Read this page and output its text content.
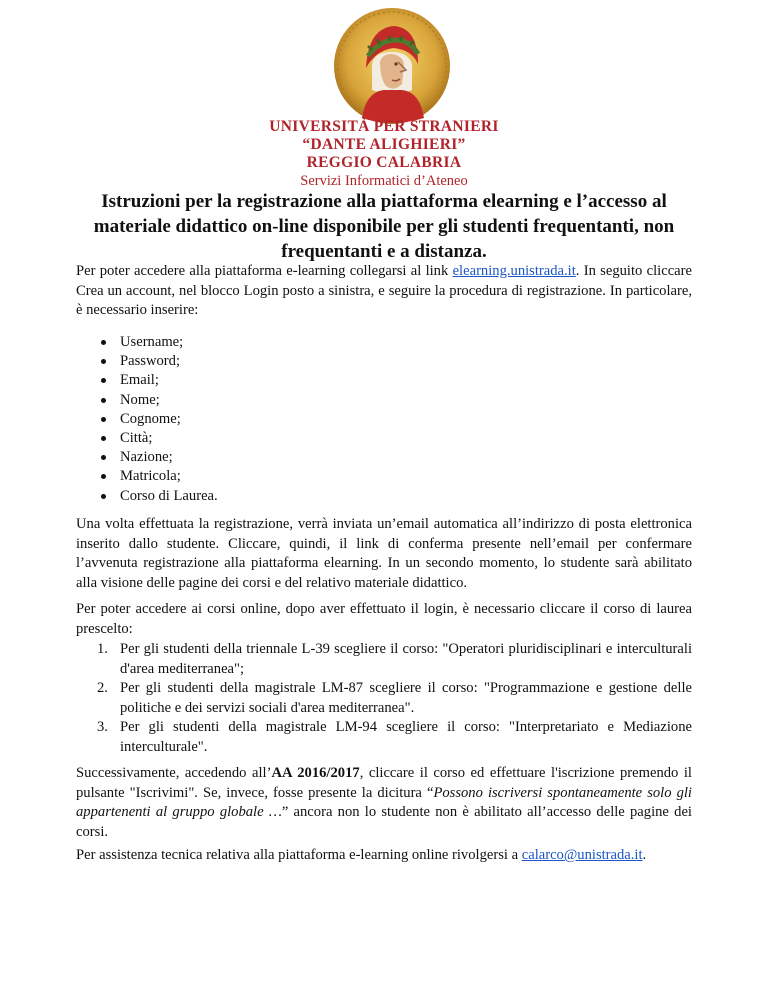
UNIVERSITÀ PER STRANIERI
“DANTE ALIGHIERI”
REGGIO CALABRIA
Servizi Informatici d’Ateneo
Istruzioni per la registrazione alla piattaforma elearning e l’accesso al materiale didattico on-line disponibile per gli studenti frequentanti, non frequentanti e a distanza.
Per poter accedere alla piattaforma e-learning collegarsi al link elearning.unistrada.it. In seguito cliccare Crea un account, nel blocco Login posto a sinistra, e seguire la procedura di registrazione. In particolare, è necessario inserire:
Username;
Password;
Email;
Nome;
Cognome;
Città;
Nazione;
Matricola;
Corso di Laurea.
Una volta effettuata la registrazione, verrà inviata un’email automatica all’indirizzo di posta elettronica inserito dallo studente. Cliccare, quindi, il link di conferma presente nell’email per confermare l’avvenuta registrazione alla piattaforma elearning. In un secondo momento, lo studente sarà abilitato alla visione delle pagine dei corsi e del relativo materiale didattico.
Per poter accedere ai corsi online, dopo aver effettuato il login, è necessario cliccare il corso di laurea prescelto:
1. Per gli studenti della triennale L-39 scegliere il corso: "Operatori pluridisciplinari e interculturali d'area mediterranea";
2. Per gli studenti della magistrale LM-87 scegliere il corso: "Programmazione e gestione delle politiche e dei servizi sociali d'area mediterranea".
3. Per gli studenti della magistrale LM-94 scegliere il corso: "Interpretariato e Mediazione interculturale".
Successivamente, accedendo all’AA 2016/2017, cliccare il corso ed effettuare l'iscrizione premendo il pulsante "Iscrivimi". Se, invece, fosse presente la dicitura “Possono iscriversi spontaneamente solo gli appartenenti al gruppo globale …” ancora non lo studente non è abilitato all’accesso delle pagine dei corsi.
Per assistenza tecnica relativa alla piattaforma e-learning online rivolgersi a calarco@unistrada.it.
